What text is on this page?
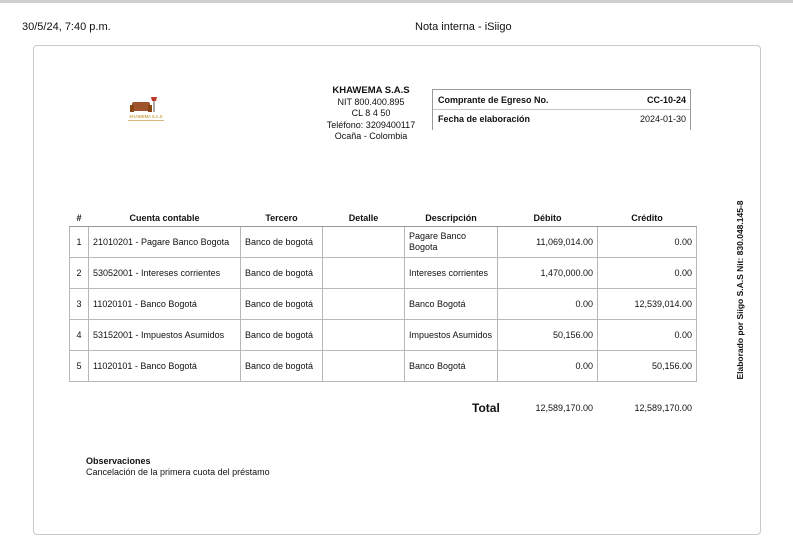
30/5/24, 7:40 p.m.	Nota interna - iSiigo
KHAWEMA S.A.S
KHAWEMA S.A.S
NIT 800.400.895
CL 8 4 50
Teléfono: 3209400117
Ocaña - Colombia
Comprante de Egreso No.	CC-10-24
Fecha de elaboración	2024-01-30
Elaborado por Siigo S.A.S Nit: 830.048.145-8
#	Cuenta contable	Tercero	Detalle	Descripción	Débito	Crédito
1	21010201 - Pagare Banco Bogota	Banco de bogotá		Pagare Banco Bogota	11,069,014.00	0.00
2	53052001 - Intereses corrientes	Banco de bogotá		Intereses corrientes	1,470,000.00	0.00
3	11020101 - Banco Bogotá	Banco de bogotá		Banco Bogotá	0.00	12,539,014.00
4	53152001 - Impuestos Asumidos	Banco de bogotá		Impuestos Asumidos	50,156.00	0.00
5	11020101 - Banco Bogotá	Banco de bogotá		Banco Bogotá	0.00	50,156.00
Total	12,589,170.00	12,589,170.00
Observaciones
Cancelación de la primera cuota del préstamo
